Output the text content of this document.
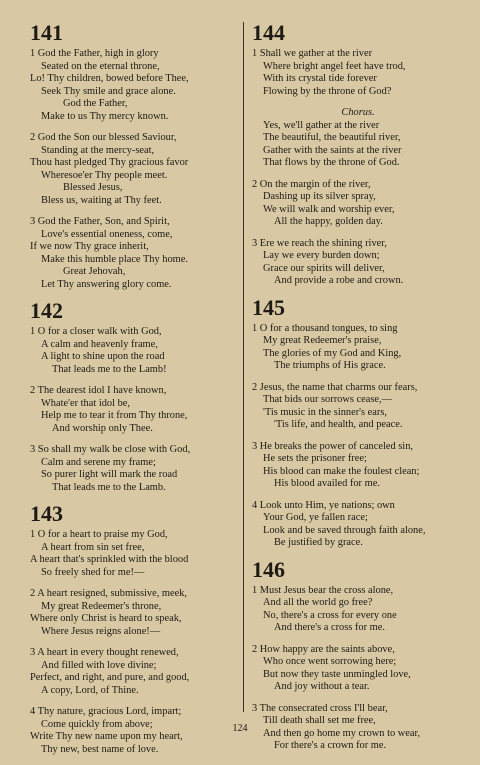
141
1 God the Father, high in glory
Seated on the eternal throne,
Lo! Thy children, bowed before Thee,
Seek Thy smile and grace alone.
God the Father,
Make to us Thy mercy known.
2 God the Son our blessed Saviour,
Standing at the mercy-seat,
Thou hast pledged Thy gracious favor
Wheresoe'er Thy people meet.
Blessed Jesus,
Bless us, waiting at Thy feet.
3 God the Father, Son, and Spirit,
Love's essential oneness, come,
If we now Thy grace inherit,
Make this humble place Thy home.
Great Jehovah,
Let Thy answering glory come.
142
1 O for a closer walk with God,
A calm and heavenly frame,
A light to shine upon the road
That leads me to the Lamb!
2 The dearest idol I have known,
Whate'er that idol be,
Help me to tear it from Thy throne,
And worship only Thee.
3 So shall my walk be close with God,
Calm and serene my frame;
So purer light will mark the road
That leads me to the Lamb.
143
1 O for a heart to praise my God,
A heart from sin set free,
A heart that's sprinkled with the blood
So freely shed for me!—
2 A heart resigned, submissive, meek,
My great Redeemer's throne,
Where only Christ is heard to speak,
Where Jesus reigns alone!—
3 A heart in every thought renewed,
And filled with love divine;
Perfect, and right, and pure, and good,
A copy, Lord, of Thine.
4 Thy nature, gracious Lord, impart;
Come quickly from above;
Write Thy new name upon my heart,
Thy new, best name of love.
144
1 Shall we gather at the river
Where bright angel feet have trod,
With its crystal tide forever
Flowing by the throne of God?
Chorus.
Yes, we'll gather at the river
The beautiful, the beautiful river,
Gather with the saints at the river
That flows by the throne of God.
2 On the margin of the river,
Dashing up its silver spray,
We will walk and worship ever,
All the happy, golden day.
3 Ere we reach the shining river,
Lay we every burden down;
Grace our spirits will deliver,
And provide a robe and crown.
145
1 O for a thousand tongues, to sing
My great Redeemer's praise,
The glories of my God and King,
The triumphs of His grace.
2 Jesus, the name that charms our fears,
That bids our sorrows cease,—
'Tis music in the sinner's ears,
'Tis life, and health, and peace.
3 He breaks the power of canceled sin,
He sets the prisoner free;
His blood can make the foulest clean;
His blood availed for me.
4 Look unto Him, ye nations; own
Your God, ye fallen race;
Look and be saved through faith alone,
Be justified by grace.
146
1 Must Jesus bear the cross alone,
And all the world go free?
No, there's a cross for every one
And there's a cross for me.
2 How happy are the saints above,
Who once went sorrowing here;
But now they taste unmingled love,
And joy without a tear.
3 The consecrated cross I'll bear,
Till death shall set me free,
And then go home my crown to wear,
For there's a crown for me.
124
